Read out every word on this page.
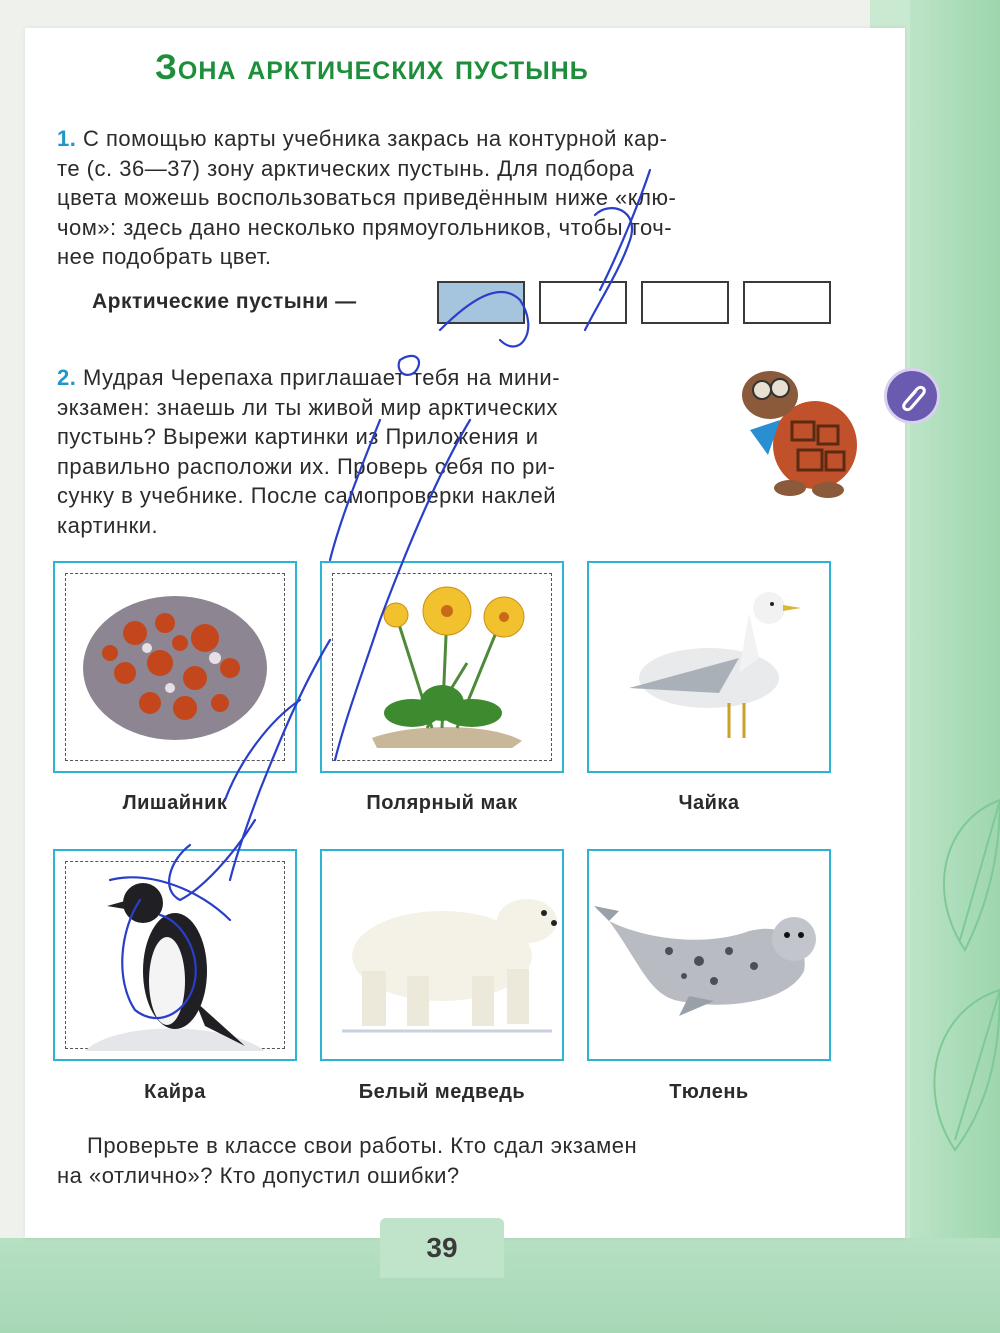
Зона арктических пустынь
1. С помощью карты учебника закрась на контурной кар-
те (с. 36—37) зону арктических пустынь. Для подбора
цвета можешь воспользоваться приведённым ниже «клю-
чом»: здесь дано несколько прямоугольников, чтобы точ-
нее подобрать цвет.
Арктические пустыни —
2. Мудрая Черепаха приглашает тебя на мини-
экзамен: знаешь ли ты живой мир арктических
пустынь? Вырежи картинки из Приложения и
правильно расположи их. Проверь себя по ри-
сунку в учебнике. После самопроверки наклей
картинки.
Лишайник	Полярный мак	Чайка
Кайра	Белый медведь	Тюлень
Проверьте в классе свои работы. Кто сдал экзамен
на «отлично»? Кто допустил ошибки?
39
